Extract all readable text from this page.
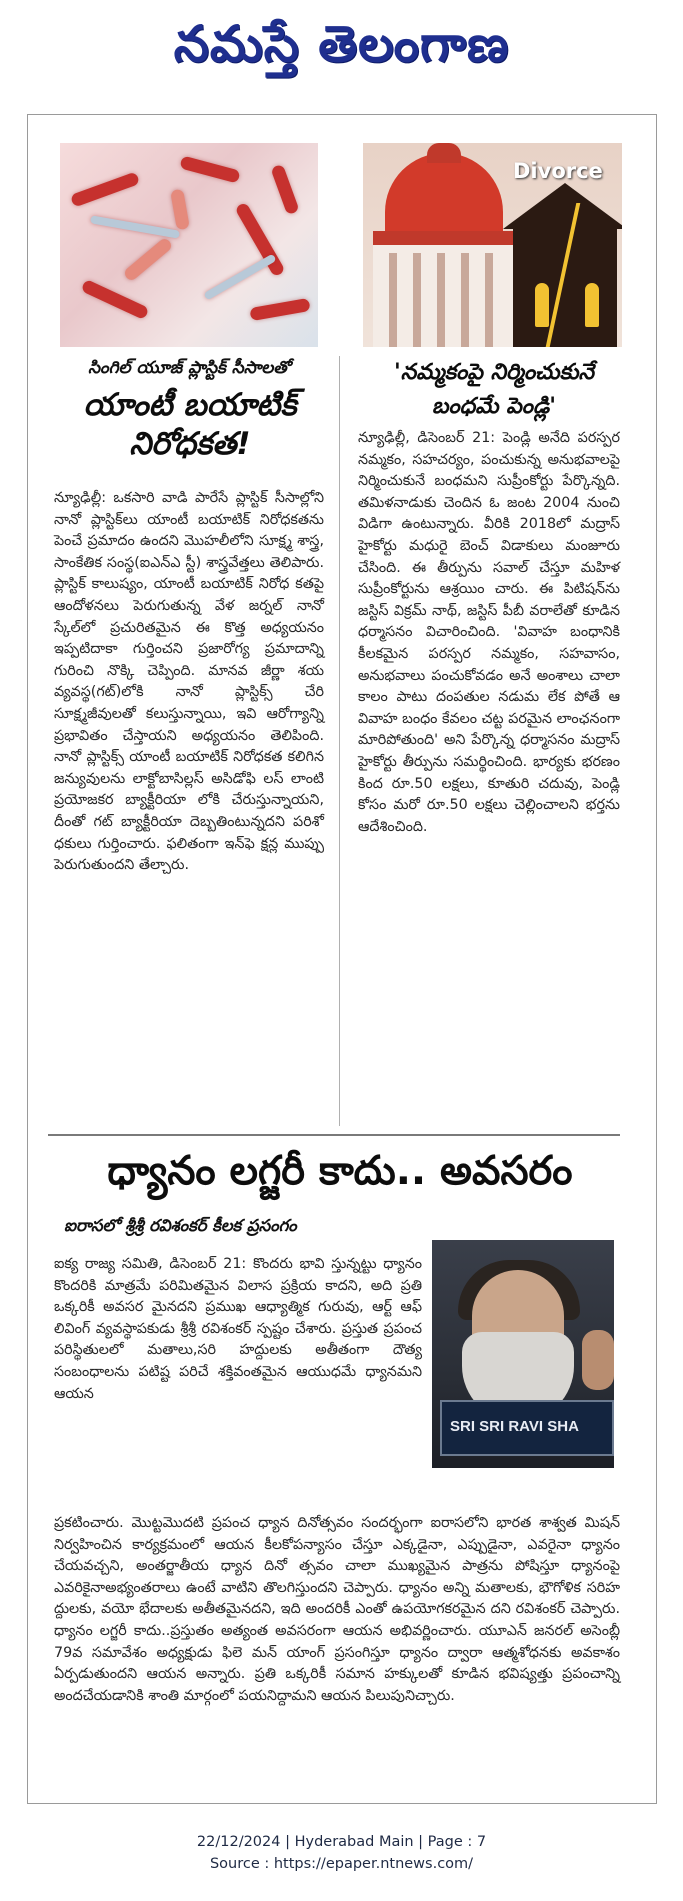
నమస్తే తెలంగాణ
Divorce
సింగిల్ యూజ్ ప్లాస్టిక్ సీసాలతో
యాంటీ బయాటిక్
నిరోధకత!
'నమ్మకంపై నిర్మించుకునే
బంధమే పెండ్లి'
న్యూఢిల్లీ: ఒకసారి వాడి పారేసే ప్లాస్టిక్ సీసాల్లోని నానో ప్లాస్టిక్‌లు యాంటీ బయాటిక్ నిరోధకతను పెంచే ప్రమాదం ఉందని మొహలీలోని సూక్ష్మ శాస్త్ర, సాంకేతిక సంస్థ(ఐఎన్ఎ స్టీ) శాస్త్రవేత్తలు తెలిపారు. ప్లాస్టిక్ కాలుష్యం, యాంటీ బయాటిక్ నిరోధ కతపై ఆందోళనలు పెరుగుతున్న వేళ జర్నల్ నానో స్కేల్‌లో ప్రచురితమైన ఈ కొత్త అధ్యయనం ఇప్పటిదాకా గుర్తించని ప్రజారోగ్య ప్రమాదాన్ని గురించి నొక్కి చెప్పింది. మానవ జీర్ణా శయ వ్యవస్థ(గట్)లోకి నానో ప్లాస్టిక్స్ చేరి సూక్ష్మజీవులతో కలుస్తున్నాయి, ఇవి ఆరోగ్యాన్ని ప్రభావితం చేస్తాయని అధ్యయనం తెలిపింది. నానో ప్లాస్టిక్స్ యాంటీ బయాటిక్ నిరోధకత కలిగిన జన్యువులను లాక్టోబాసిల్లస్ అసిడోఫి లస్ లాంటి ప్రయోజకర బ్యాక్టీరియా లోకి చేరుస్తున్నాయని, దీంతో గట్ బ్యాక్టీరియా దెబ్బతింటున్నదని పరిశో ధకులు గుర్తించారు. ఫలితంగా ఇన్‌ఫె క్షన్ల ముప్పు పెరుగుతుందని తేల్చారు.
న్యూఢిల్లీ, డిసెంబర్ 21: పెండ్లి అనేది పరస్పర నమ్మకం, సహచర్యం, పంచుకున్న అనుభవాలపై నిర్మించుకునే బంధమని సుప్రీంకోర్టు పేర్కొన్నది. తమిళనాడుకు చెందిన ఓ జంట 2004 నుంచి విడిగా ఉంటున్నారు. వీరికి 2018లో మద్రాస్ హైకోర్టు మధురై బెంచ్ విడాకులు మంజూరు చేసింది. ఈ తీర్పును సవాల్ చేస్తూ మహిళ సుప్రీంకోర్టును ఆశ్రయిం చారు. ఈ పిటిషన్‌ను జస్టిస్ విక్రమ్ నాథ్, జస్టిస్ పీబీ వరాలేతో కూడిన ధర్మాసనం విచారించింది. 'వివాహ బంధానికి కీలకమైన పరస్పర నమ్మకం, సహవాసం, అనుభవాలు పంచుకోవడం అనే అంశాలు చాలా కాలం పాటు దంపతుల నడుమ లేక పోతే ఆ వివాహ బంధం కేవలం చట్ట పరమైన లాంఛనంగా మారిపోతుంది' అని పేర్కొన్న ధర్మాసనం మద్రాస్ హైకోర్టు తీర్పును సమర్థించింది. భార్యకు భరణం కింద రూ.50 లక్షలు, కూతురి చదువు, పెండ్లి కోసం మరో రూ.50 లక్షలు చెల్లించాలని భర్తను ఆదేశించింది.
ధ్యానం లగ్జరీ కాదు.. అవసరం
ఐరాసలో శ్రీశ్రీ రవిశంకర్ కీలక ప్రసంగం
SRI SRI RAVI SHA
ఐక్య రాజ్య సమితి, డిసెంబర్ 21: కొందరు భావి స్తున్నట్టు ధ్యానం కొందరికి మాత్రమే పరిమితమైన విలాస ప్రక్రియ కాదని, అది ప్రతి ఒక్కరికీ అవసర మైనదని ప్రముఖ ఆధ్యాత్మిక గురువు, ఆర్ట్ ఆఫ్ లివింగ్ వ్యవస్థాపకుడు శ్రీశ్రీ రవిశంకర్ స్పష్టం చేశారు. ప్రస్తుత ప్రపంచ పరిస్థితులలో మతాలు,సరి హద్దులకు అతీతంగా దౌత్య సంబంధాలను పటిష్ట పరిచే శక్తివంతమైన ఆయుధమే ధ్యానమని ఆయన
ప్రకటించారు. మొట్టమొదటి ప్రపంచ ధ్యాన దినోత్సవం సందర్భంగా ఐరాసలోని భారత శాశ్వత మిషన్ నిర్వహించిన కార్యక్రమంలో ఆయన కీలకోపన్యాసం చేస్తూ ఎక్కడైనా, ఎప్పుడైనా, ఎవరైనా ధ్యానం చేయవచ్చని, అంతర్జాతీయ ధ్యాన దినో త్సవం చాలా ముఖ్యమైన పాత్రను పోషిస్తూ ధ్యానంపై ఎవరికైనాఅభ్యంతరాలు ఉంటే వాటిని తొలగిస్తుందని చెప్పారు. ధ్యానం అన్ని మతాలకు, భౌగోళిక సరిహ ద్దులకు, వయో భేదాలకు అతీతమైనదని, ఇది అందరికీ ఎంతో ఉపయోగకరమైన దని రవిశంకర్ చెప్పారు. ధ్యానం లగ్జరీ కాదు..ప్రస్తుతం అత్యంత అవసరంగా ఆయన అభివర్ణించారు. యూఎన్ జనరల్ అసెంబ్లీ 79వ సమావేశం అధ్యక్షుడు ఫిలె మన్ యాంగ్ ప్రసంగిస్తూ ధ్యానం ద్వారా ఆత్మశోధనకు అవకాశం ఏర్పడుతుందని ఆయన అన్నారు. ప్రతి ఒక్కరికీ సమాన హక్కులతో కూడిన భవిష్యత్తు ప్రపంచాన్ని అందచేయడానికి శాంతి మార్గంలో పయనిద్దామని ఆయన పిలుపునిచ్చారు.
22/12/2024 | Hyderabad Main | Page : 7
Source : https://epaper.ntnews.com/
